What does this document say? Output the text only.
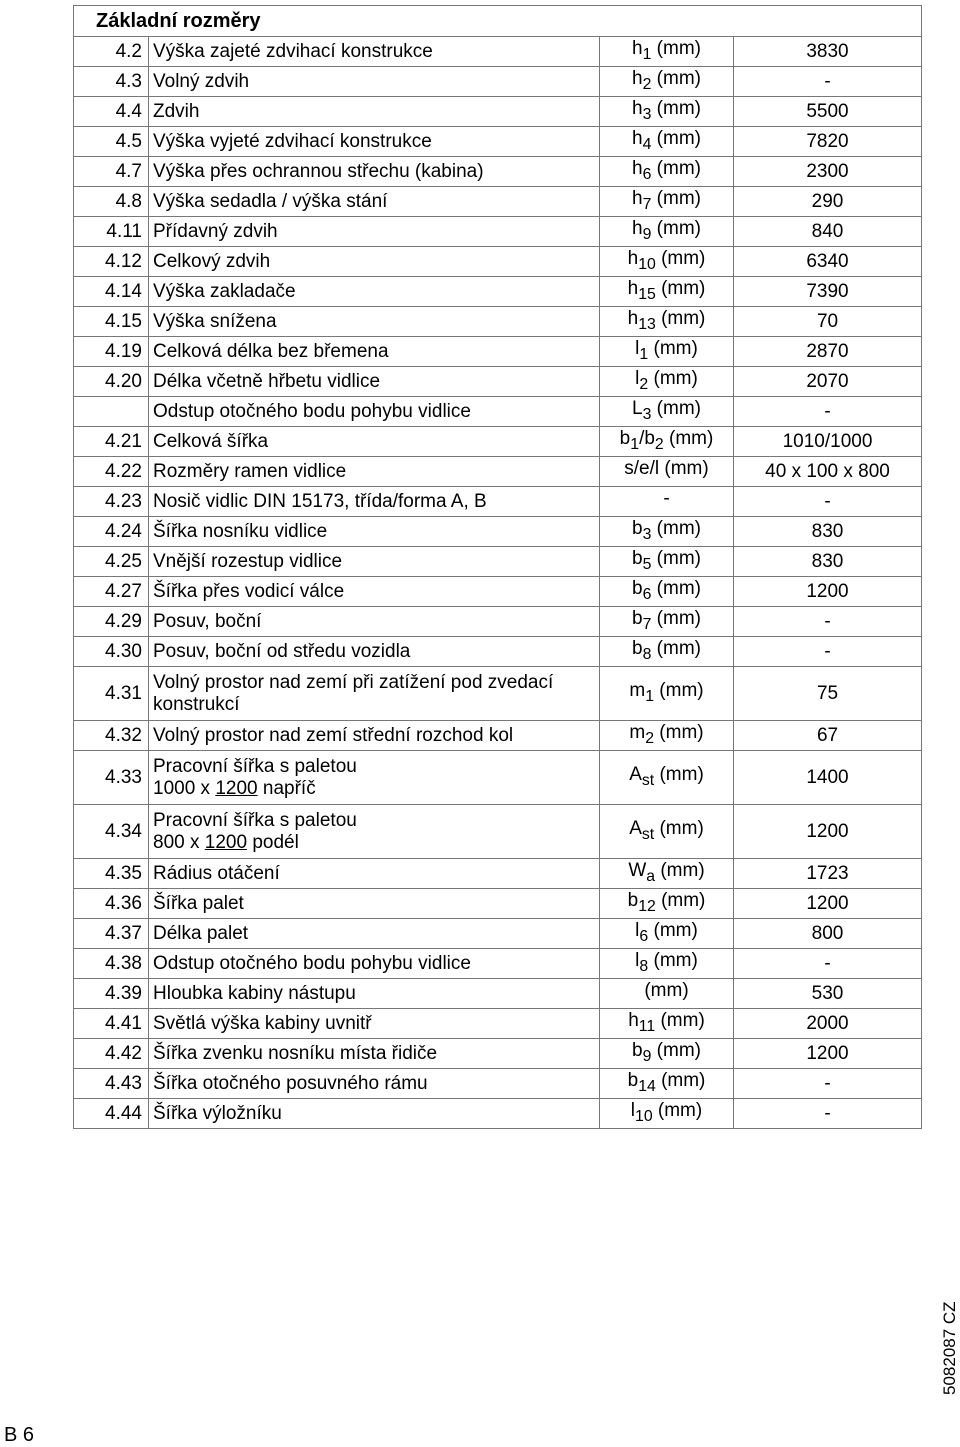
Základní rozměry			
4.2	Výška zajeté zdvihací konstrukce	$h_1$ (mm)	3830
4.3	Volný zdvih	$h_2$ (mm)	-
4.4	Zdvih	$h_3$ (mm)	5500
4.5	Výška vyjeté zdvihací konstrukce	$h_4$ (mm)	7820
4.7	Výška přes ochrannou střechu (kabina)	$h_6$ (mm)	2300
4.8	Výška sedadla / výška stání	$h_7$ (mm)	290
4.11	Přídavný zdvih	$h_9$ (mm)	840
4.12	Celkový zdvih	$h_{10}$ (mm)	6340
4.14	Výška zakladače	$h_{15}$ (mm)	7390
4.15	Výška snížena	$h_{13}$ (mm)	70
4.19	Celková délka bez břemena	$l_1$ (mm)	2870
4.20	Délka včetně hřbetu vidlice	$l_2$ (mm)	2070
	Odstup otočného bodu pohybu vidlice	$L_3$ (mm)	-
4.21	Celková šířka	$b_1/b_2$ (mm)	1010/1000
4.22	Rozměry ramen vidlice	s/e/l (mm)	40 x 100 x 800
4.23	Nosič vidlic DIN 15173, třída/forma A, B	-	-
4.24	Šířka nosníku vidlice	$b_3$ (mm)	830
4.25	Vnější rozestup vidlice	$b_5$ (mm)	830
4.27	Šířka přes vodicí válce	$b_6$ (mm)	1200
4.29	Posuv, boční	$b_7$ (mm)	-
4.30	Posuv, boční od středu vozidla	$b_8$ (mm)	-
4.31	Volný prostor nad zemí při zatížení pod zvedací konstrukcí	$m_1$ (mm)	75
4.32	Volný prostor nad zemí střední rozchod kol	$m_2$ (mm)	67
4.33	Pracovní šířka s paletou
1000 x 1200 napříč	$A_{st}$ (mm)	1400
4.34	Pracovní šířka s paletou
800 x 1200 podél	$A_{st}$ (mm)	1200
4.35	Rádius otáčení	$W_a$ (mm)	1723
4.36	Šířka palet	$b_{12}$ (mm)	1200
4.37	Délka palet	$l_6$ (mm)	800
4.38	Odstup otočného bodu pohybu vidlice	$l_8$ (mm)	-
4.39	Hloubka kabiny nástupu	(mm)	530
4.41	Světlá výška kabiny uvnitř	$h_{11}$ (mm)	2000
4.42	Šířka zvenku nosníku místa řidiče	$b_9$ (mm)	1200
4.43	Šířka otočného posuvného rámu	$b_{14}$ (mm)	-
4.44	Šířka výložníku	$l_{10}$ (mm)	-
B 6
5082087 CZ
